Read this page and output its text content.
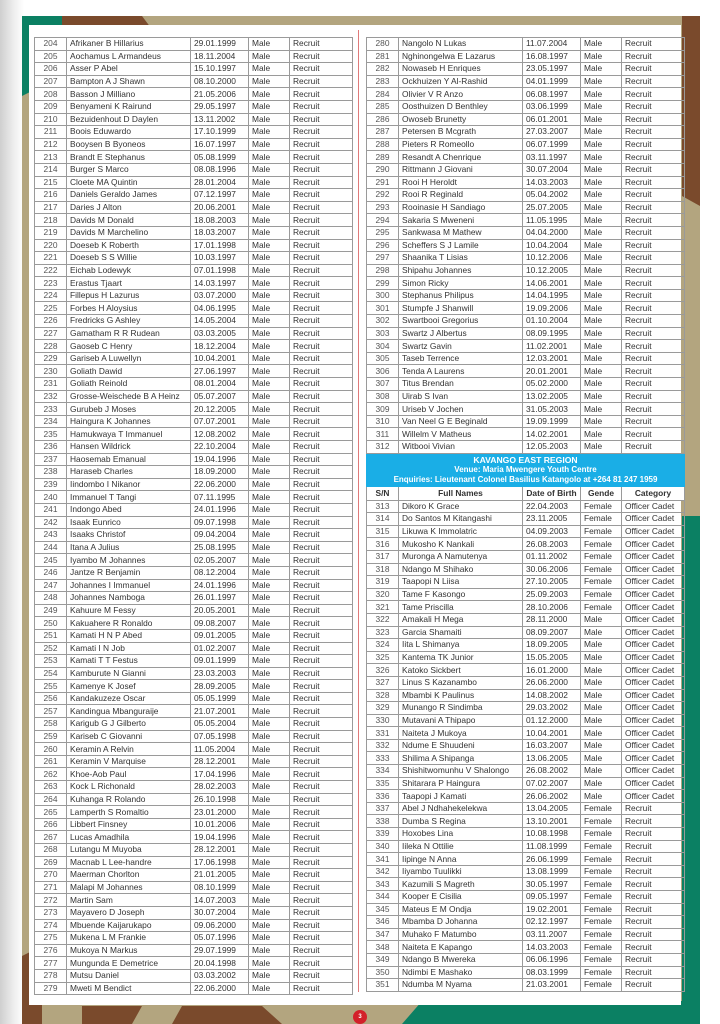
204	Afrikaner B Hillarius	29.01.1999	Male	Recruit
205	Aochamus L Armandeus	18.11.2004	Male	Recruit
206	Asser P Abel	15.10.1997	Male	Recruit
207	Bampton A J Shawn	08.10.2000	Male	Recruit
208	Basson J Milliano	21.05.2006	Male	Recruit
209	Benyameni K Rairund	29.05.1997	Male	Recruit
210	Bezuidenhout D Daylen	13.11.2002	Male	Recruit
211	Boois Eduwardo	17.10.1999	Male	Recruit
212	Booysen B Byoneos	16.07.1997	Male	Recruit
213	Brandt E Stephanus	05.08.1999	Male	Recruit
214	Burger S Marco	08.08.1996	Male	Recruit
215	Cloete MA Quintin	28.01.2004	Male	Recruit
216	Daniels Geraldo James	07.12.1997	Male	Recruit
217	Daries J Alton	20.06.2001	Male	Recruit
218	Davids M Donald	18.08.2003	Male	Recruit
219	Davids M Marchelino	18.03.2007	Male	Recruit
220	Doeseb K Roberth	17.01.1998	Male	Recruit
221	Doeseb S S Willie	10.03.1997	Male	Recruit
222	Eichab Lodewyk	07.01.1998	Male	Recruit
223	Erastus Tjaart	14.03.1997	Male	Recruit
224	Fillepus H Lazurus	03.07.2000	Male	Recruit
225	Forbes H Aloysius	04.06.1995	Male	Recruit
226	Fredricks G Ashley	14.05.2004	Male	Recruit
227	Gamatham R R Rudean	03.03.2005	Male	Recruit
228	Gaoseb C Henry	18.12.2004	Male	Recruit
229	Gariseb A Luwellyn	10.04.2001	Male	Recruit
230	Goliath Dawid	27.06.1997	Male	Recruit
231	Goliath Reinold	08.01.2004	Male	Recruit
232	Grosse-Weischede B A Heinz	05.07.2007	Male	Recruit
233	Gurubeb J Moses	20.12.2005	Male	Recruit
234	Haingura K Johannes	07.07.2001	Male	Recruit
235	Hamukwaya T Immanuel	12.08.2002	Male	Recruit
236	Hansen Wildrick	22.10.2004	Male	Recruit
237	Haosemab Emanual	19.04.1996	Male	Recruit
238	Haraseb Charles	18.09.2000	Male	Recruit
239	Iindombo I Nikanor	22.06.2000	Male	Recruit
240	Immanuel T Tangi	07.11.1995	Male	Recruit
241	Indongo Abed	24.01.1996	Male	Recruit
242	Isaak Eunrico	09.07.1998	Male	Recruit
243	Isaaks Christof	09.04.2004	Male	Recruit
244	Itana A Julius	25.08.1995	Male	Recruit
245	Iyambo M Johannes	02.05.2007	Male	Recruit
246	Jantze R Benjamin	08.12.2004	Male	Recruit
247	Johannes I Immanuel	24.01.1996	Male	Recruit
248	Johannes Namboga	26.01.1997	Male	Recruit
249	Kahuure M Fessy	20.05.2001	Male	Recruit
250	Kakuahere R Ronaldo	09.08.2007	Male	Recruit
251	Kamati H N P Abed	09.01.2005	Male	Recruit
252	Kamati I N Job	01.02.2007	Male	Recruit
253	Kamati T T Festus	09.01.1999	Male	Recruit
254	Kamburute N Gianni	23.03.2003	Male	Recruit
255	Kamenye K Josef	28.09.2005	Male	Recruit
256	Kandakuzeze Oscar	05.05.1999	Male	Recruit
257	Kandingua Mbanguraije	21.07.2001	Male	Recruit
258	Karigub G J Gilberto	05.05.2004	Male	Recruit
259	Kariseb C Giovanni	07.05.1998	Male	Recruit
260	Keramin A Relvin	11.05.2004	Male	Recruit
261	Keramin V Marquise	28.12.2001	Male	Recruit
262	Khoe-Aob Paul	17.04.1996	Male	Recruit
263	Kock L Richonald	28.02.2003	Male	Recruit
264	Kuhanga R Rolando	26.10.1998	Male	Recruit
265	Lamperth S Romaltio	23.01.2000	Male	Recruit
266	Libbert Finsney	10.01.2006	Male	Recruit
267	Lucas Amadhila	19.04.1996	Male	Recruit
268	Lutangu M Muyoba	28.12.2001	Male	Recruit
269	Macnab L Lee-handre	17.06.1998	Male	Recruit
270	Maerman Chorlton	21.01.2005	Male	Recruit
271	Malapi M Johannes	08.10.1999	Male	Recruit
272	Martin Sam	14.07.2003	Male	Recruit
273	Mayavero D Joseph	30.07.2004	Male	Recruit
274	Mbuende Kaijarukapo	09.06.2000	Male	Recruit
275	Mukena L M Frankie	05.07.1996	Male	Recruit
276	Mukoya N Markus	29.07.1999	Male	Recruit
277	Mungunda E Demetrice	20.04.1998	Male	Recruit
278	Mutsu Daniel	03.03.2002	Male	Recruit
279	Mweti M Bendict	22.06.2000	Male	Recruit
280	Nangolo N Lukas	11.07.2004	Male	Recruit
281	Nghinongelwa E Lazarus	16.08.1997	Male	Recruit
282	Nowaseb H Enriques	23.05.1997	Male	Recruit
283	Ockhuizen Y Al-Rashid	04.01.1999	Male	Recruit
284	Olivier V R Anzo	06.08.1997	Male	Recruit
285	Oosthuizen D Benthley	03.06.1999	Male	Recruit
286	Owoseb Brunetty	06.01.2001	Male	Recruit
287	Petersen B Mcgrath	27.03.2007	Male	Recruit
288	Pieters R Romeollo	06.07.1999	Male	Recruit
289	Resandt A Chenrique	03.11.1997	Male	Recruit
290	Rittmann J Giovani	30.07.2004	Male	Recruit
291	Rooi H Heroldt	14.03.2003	Male	Recruit
292	Rooi R Reginald	05.04.2002	Male	Recruit
293	Rooinasie H Sandiago	25.07.2005	Male	Recruit
294	Sakaria S Mweneni	11.05.1995	Male	Recruit
295	Sankwasa M Mathew	04.04.2000	Male	Recruit
296	Scheffers S J Lamile	10.04.2004	Male	Recruit
297	Shaanika T Lisias	10.12.2006	Male	Recruit
298	Shipahu Johannes	10.12.2005	Male	Recruit
299	Simon Ricky	14.06.2001	Male	Recruit
300	Stephanus Philipus	14.04.1995	Male	Recruit
301	Stumpfe J Shanwill	19.09.2006	Male	Recruit
302	Swartbooi Gregorius	01.10.2004	Male	Recruit
303	Swartz J Albertus	08.09.1995	Male	Recruit
304	Swartz Gavin	11.02.2001	Male	Recruit
305	Taseb Terrence	12.03.2001	Male	Recruit
306	Tenda A Laurens	20.01.2001	Male	Recruit
307	Titus Brendan	05.02.2000	Male	Recruit
308	Uirab S Ivan	13.02.2005	Male	Recruit
309	Uriseb V Jochen	31.05.2003	Male	Recruit
310	Van Neel G E Beginald	19.09.1999	Male	Recruit
311	Willelm V Matheus	14.02.2001	Male	Recruit
312	Witbooi Vivian	12.05.2003	Male	Recruit

KAVANGO EAST REGION
Venue: Maria Mwengere Youth Centre
Enquiries: Lieutenant Colonel Basilius Katangolo at +264 81 247 1959				

S/N	Full Names	Date of Birth	Gende	Category
313	Dikoro K Grace	22.04.2003	Female	Officer Cadet
314	Do Santos M Kitangashi	23.11.2005	Female	Officer Cadet
315	Likuwa K Immolatric	04.09.2003	Female	Officer Cadet
316	Mukosho K Nankali	26.08.2003	Female	Officer Cadet
317	Muronga A Namutenya	01.11.2002	Female	Officer Cadet
318	Ndango M Shihako	30.06.2006	Female	Officer Cadet
319	Taapopi N Liisa	27.10.2005	Female	Officer Cadet
320	Tame F Kasongo	25.09.2003	Female	Officer Cadet
321	Tame Priscilla	28.10.2006	Female	Officer Cadet
322	Amakali H Mega	28.11.2000	Male	Officer Cadet
323	Garcia Shamaiti	08.09.2007	Male	Officer Cadet
324	Iita L Shimanya	18.09.2005	Male	Officer Cadet
325	Kantema TK Junior	15.05.2005	Male	Officer Cadet
326	Katoko Sickbert	16.01.2000	Male	Officer Cadet
327	Linus S Kazanambo	26.06.2000	Male	Officer Cadet
328	Mbambi K Paulinus	14.08.2002	Male	Officer Cadet
329	Munango R Sindimba	29.03.2002	Male	Officer Cadet
330	Mutavani A Thipapo	01.12.2000	Male	Officer Cadet
331	Naiteta J Mukoya	10.04.2001	Male	Officer Cadet
332	Ndume E Shuudeni	16.03.2007	Male	Officer Cadet
333	Shilima A Shipanga	13.06.2005	Male	Officer Cadet
334	Shishitwomunhu V Shalongo	26.08.2002	Male	Officer Cadet
335	Shitarara P Haingura	07.02.2007	Male	Officer Cadet
336	Taapopi J Kamati	26.06.2002	Male	Officer Cadet
337	Abel J Ndhahekelekwa	13.04.2005	Female	Recruit
338	Dumba S Regina	13.10.2001	Female	Recruit
339	Hoxobes Lina	10.08.1998	Female	Recruit
340	Iileka N Ottilie	11.08.1999	Female	Recruit
341	Iipinge N Anna	26.06.1999	Female	Recruit
342	Iiyambo Tuulikki	13.08.1999	Female	Recruit
343	Kazumili S Magreth	30.05.1997	Female	Recruit
344	Kooper E Cisilia	09.05.1997	Female	Recruit
345	Mateus E M Ondja	19.02.2001	Female	Recruit
346	Mbamba D Johanna	02.12.1997	Female	Recruit
347	Muhako F Matumbo	03.11.2007	Female	Recruit
348	Naiteta E Kapango	14.03.2003	Female	Recruit
349	Ndango B Mwereka	06.06.1996	Female	Recruit
350	Ndimbi E Mashako	08.03.1999	Female	Recruit
351	Ndumba M Nyama	21.03.2001	Female	Recruit
3
